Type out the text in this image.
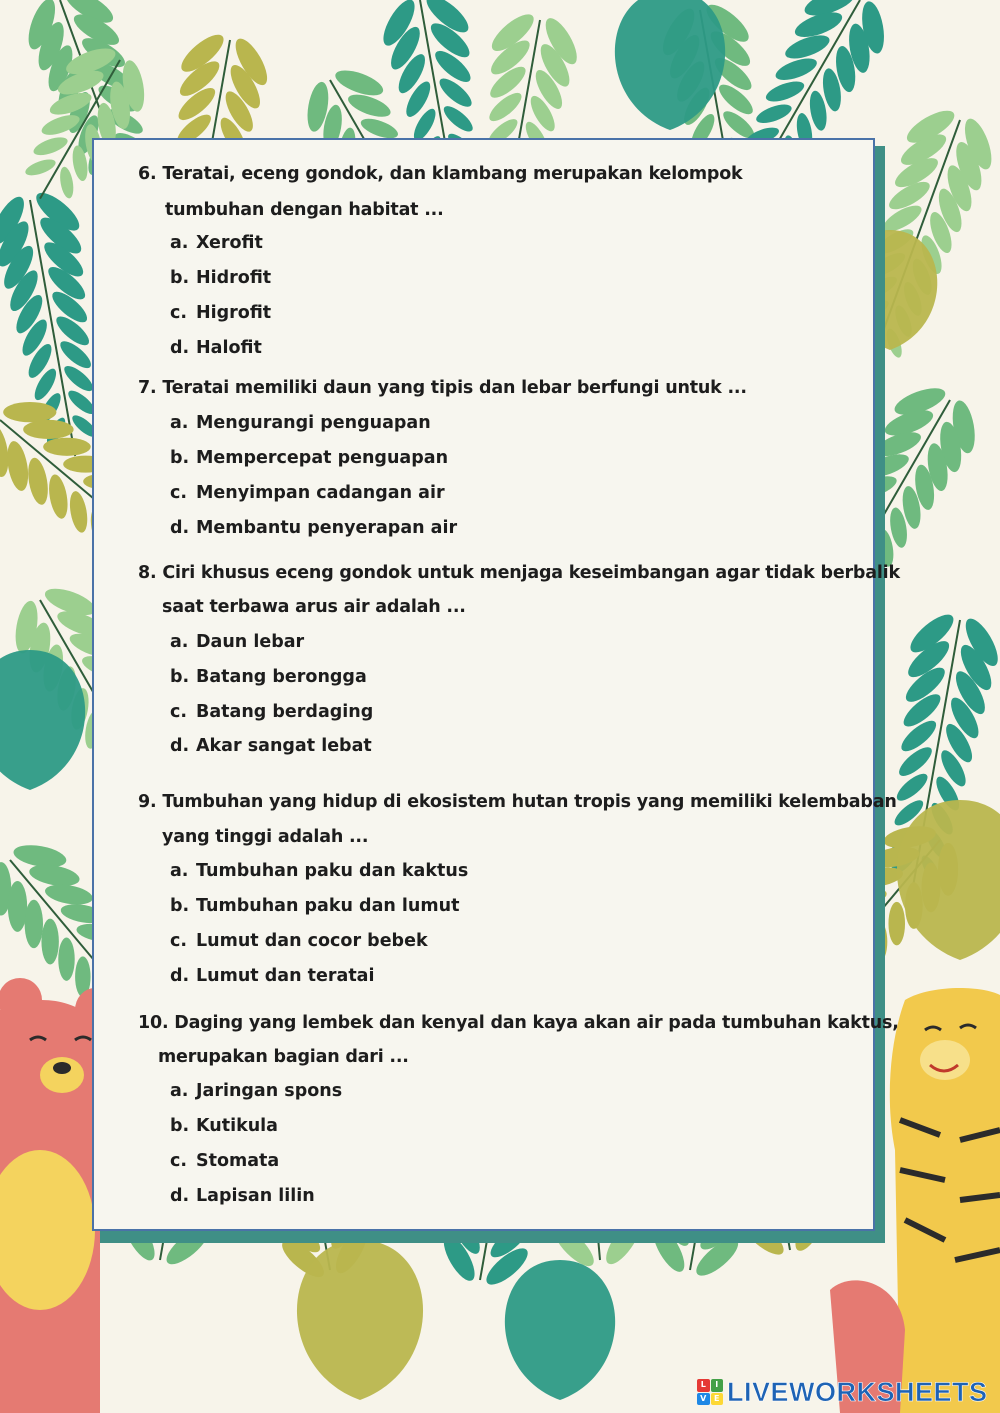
6. Teratai, eceng gondok, dan klambang merupakan kelompok
tumbuhan dengan habitat ...
a. Xerofit
b. Hidrofit
c. Higrofit
d. Halofit
7. Teratai memiliki daun yang tipis dan lebar berfungi untuk ...
a. Mengurangi penguapan
b. Mempercepat penguapan
c. Menyimpan cadangan air
d. Membantu penyerapan air
8. Ciri khusus eceng gondok untuk menjaga keseimbangan agar tidak berbalik
saat terbawa arus air adalah ...
a. Daun lebar
b. Batang berongga
c. Batang berdaging
d. Akar sangat lebat
9. Tumbuhan yang hidup di ekosistem hutan tropis yang memiliki kelembaban
yang tinggi adalah ...
a. Tumbuhan paku dan kaktus
b. Tumbuhan paku dan lumut
c. Lumut dan cocor bebek
d. Lumut dan teratai
10. Daging yang lembek dan kenyal dan kaya akan air pada tumbuhan kaktus,
merupakan bagian dari ...
a. Jaringan spons
b. Kutikula
c. Stomata
d. Lapisan lilin
L	I
V E LIVEWORKSHEETS
